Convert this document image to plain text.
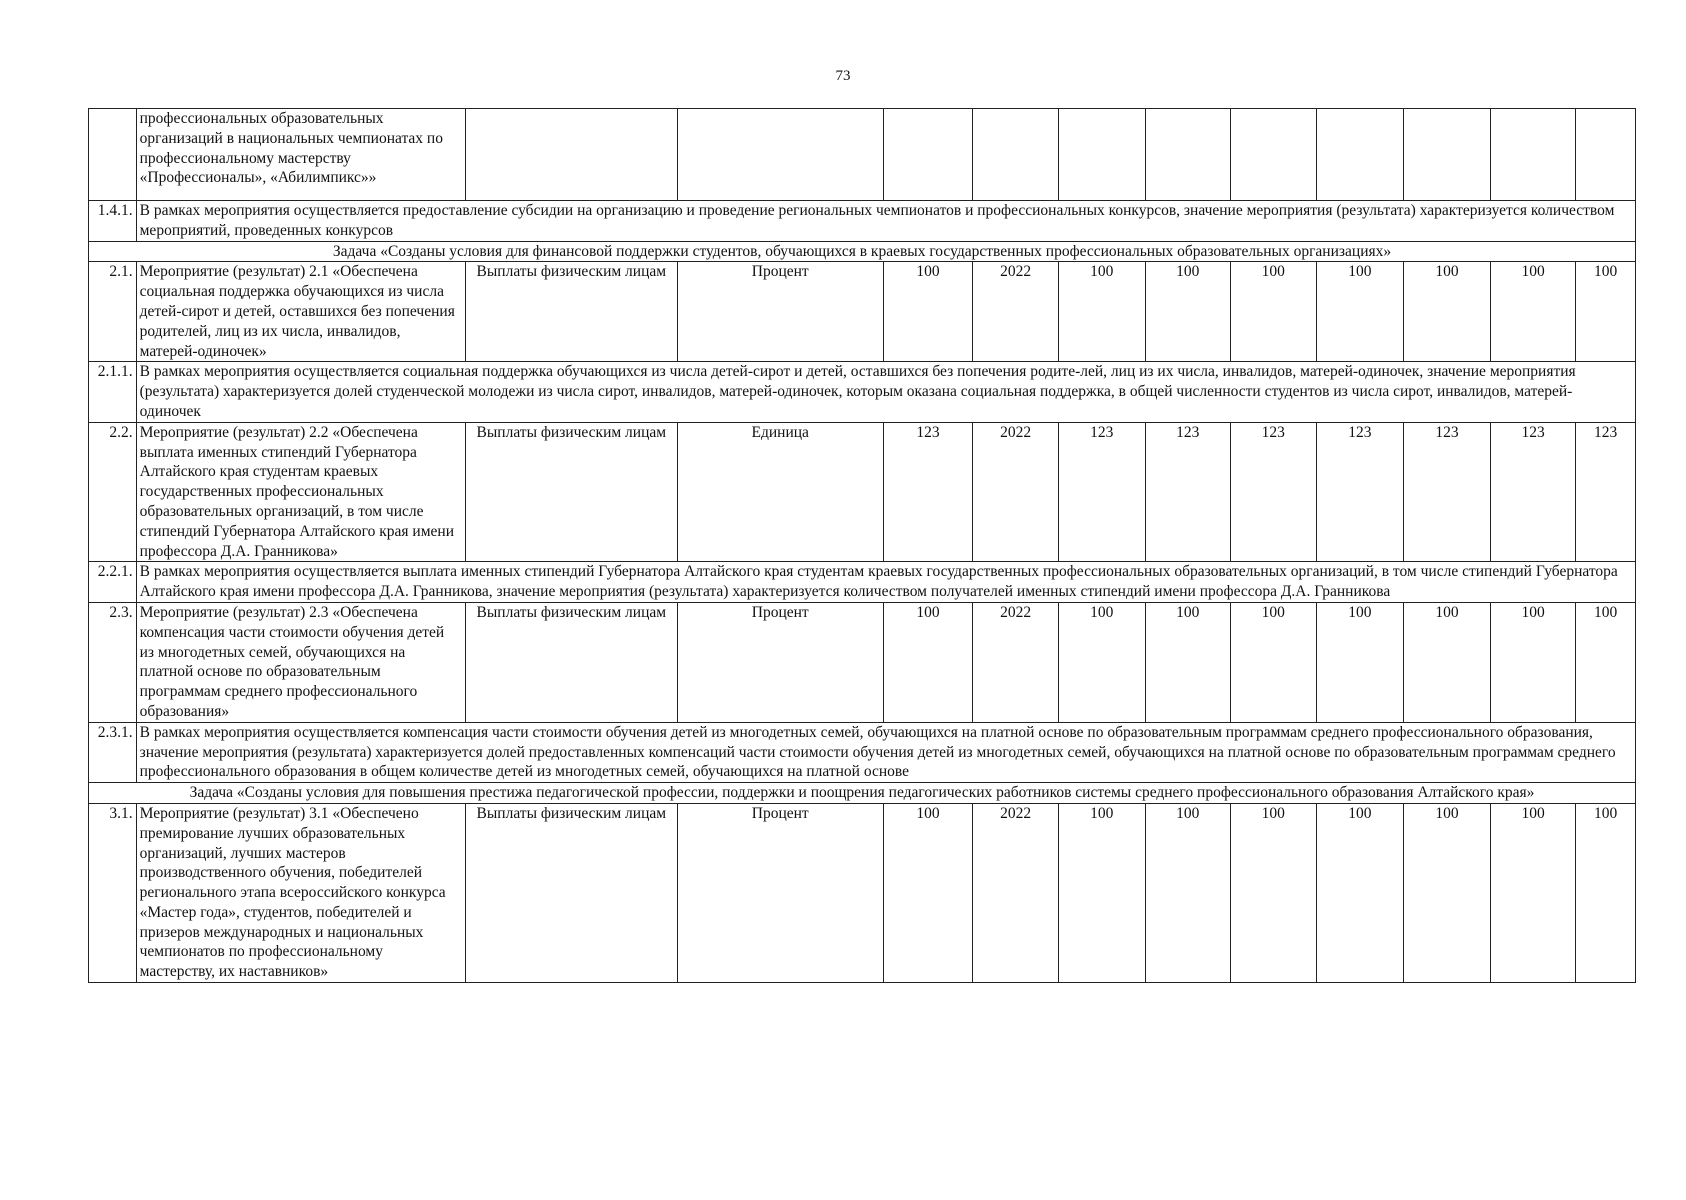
73
	профессиональных образовательных организаций в национальных чемпионатах по профессиональному мастерству «Профессионалы», «Абилимпикс»»											
1.4.1.	В рамках мероприятия осуществляется предоставление субсидии на организацию и проведение региональных чемпионатов и профессиональных конкурсов, значение мероприятия (результата) характеризуется количеством мероприятий, проведенных конкурсов											
Задача «Созданы условия для финансовой поддержки студентов, обучающихся в краевых государственных профессиональных образовательных организациях»												
2.1.	Мероприятие (результат) 2.1 «Обеспечена социальная поддержка обучающихся из числа детей-сирот и детей, оставшихся без попечения родителей, лиц из их числа, инвалидов, матерей-одиночек»	Выплаты физическим лицам	Процент	100	2022	100	100	100	100	100	100	100
2.1.1.	В рамках мероприятия осуществляется социальная поддержка обучающихся из числа детей-сирот и детей, оставшихся без попечения родите-лей, лиц из их числа, инвалидов, матерей-одиночек, значение мероприятия (результата) характеризуется долей студенческой молодежи из числа сирот, инвалидов, матерей-одиночек, которым оказана социальная поддержка, в общей численности студентов из числа сирот, инвалидов, матерей-одиночек											
2.2.	Мероприятие (результат) 2.2 «Обеспечена выплата именных стипендий Губернатора Алтайского края студентам краевых государственных профессиональных образовательных организаций, в том числе стипендий Губернатора Алтайского края имени профессора Д.А. Гранникова»	Выплаты физическим лицам	Единица	123	2022	123	123	123	123	123	123	123
2.2.1.	В рамках мероприятия осуществляется выплата именных стипендий Губернатора Алтайского края студентам краевых государственных профессиональных образовательных организаций, в том числе стипендий Губернатора Алтайского края имени профессора Д.А. Гранникова, значение мероприятия (результата) характеризуется количеством получателей именных стипендий имени профессора Д.А. Гранникова											
2.3.	Мероприятие (результат) 2.3 «Обеспечена компенсация части стоимости обучения детей из многодетных семей, обучающихся на платной основе по образовательным программам среднего профессионального образования»	Выплаты физическим лицам	Процент	100	2022	100	100	100	100	100	100	100
2.3.1.	В рамках мероприятия осуществляется компенсация части стоимости обучения детей из многодетных семей, обучающихся на платной основе по образовательным программам среднего профессионального образования, значение мероприятия (результата) характеризуется долей предоставленных компенсаций части стоимости обучения детей из многодетных семей, обучающихся на платной основе по образовательным программам среднего профессионального образования в общем количестве детей из многодетных семей, обучающихся на платной основе											
Задача «Созданы условия для повышения престижа педагогической профессии, поддержки и поощрения педагогических работников системы среднего профессионального образования Алтайского края»												
3.1.	Мероприятие (результат) 3.1 «Обеспечено премирование лучших образовательных организаций, лучших мастеров производственного обучения, победителей регионального этапа всероссийского конкурса «Мастер года», студентов, победителей и призеров международных и национальных чемпионатов по профессиональному мастерству, их наставников»	Выплаты физическим лицам	Процент	100	2022	100	100	100	100	100	100	100
